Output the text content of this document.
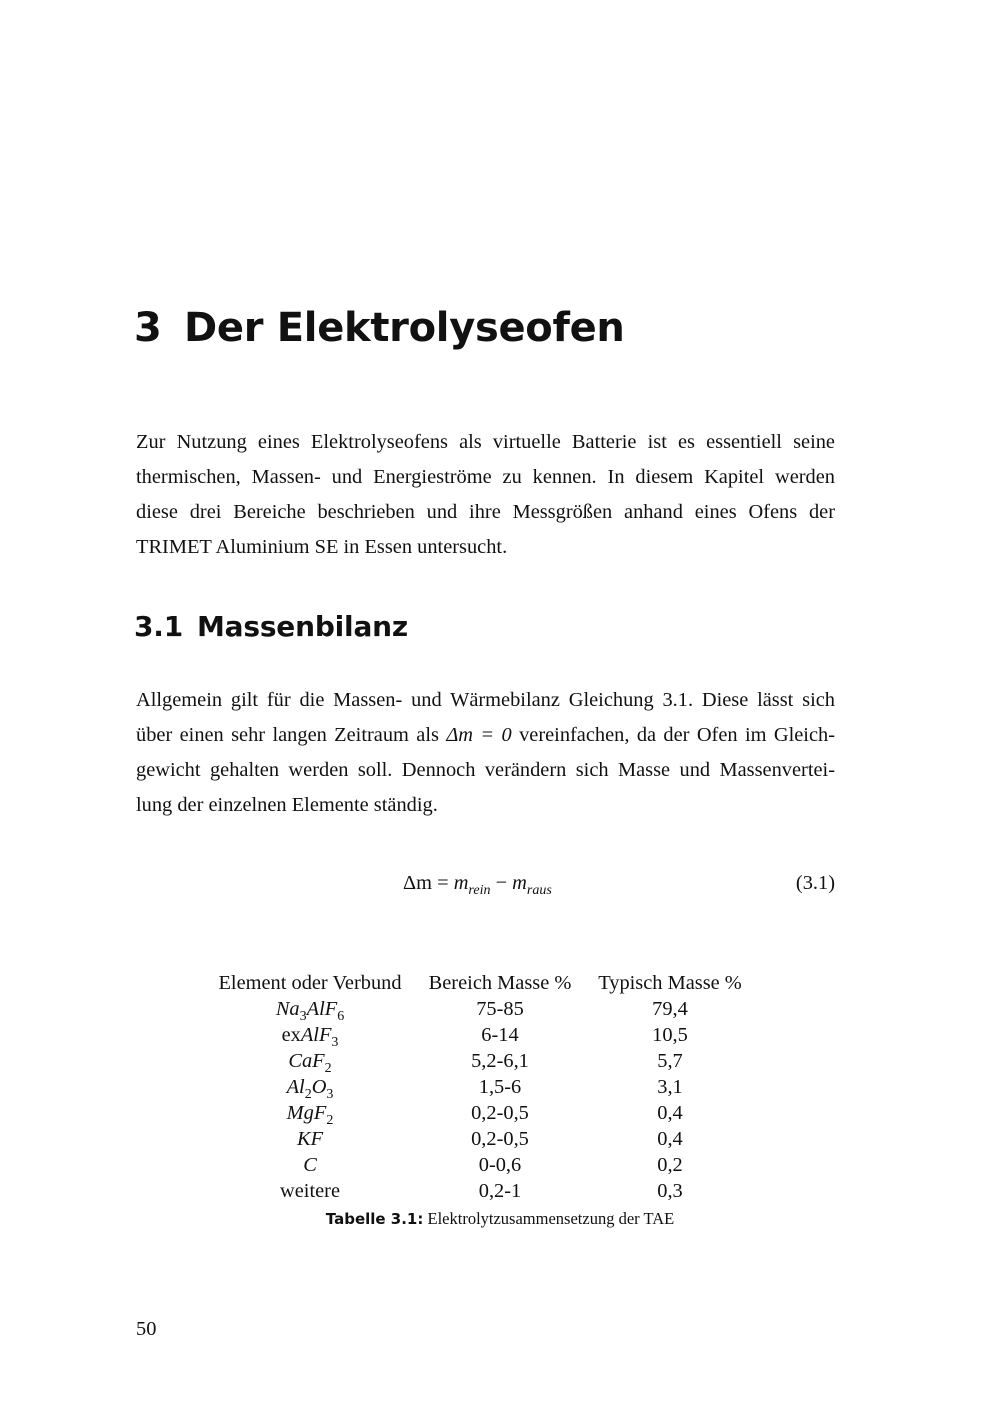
3 Der Elektrolyseofen
Zur Nutzung eines Elektrolyseofens als virtuelle Batterie ist es essentiell seine
thermischen, Massen- und Energieströme zu kennen. In diesem Kapitel werden
diese drei Bereiche beschrieben und ihre Messgrößen anhand eines Ofens der
TRIMET Aluminium SE in Essen untersucht.
3.1 Massenbilanz
Allgemein gilt für die Massen- und Wärmebilanz Gleichung 3.1. Diese lässt sich
über einen sehr langen Zeitraum als Δm = 0 vereinfachen, da der Ofen im Gleich-
gewicht gehalten werden soll. Dennoch verändern sich Masse und Massenvertei-
lung der einzelnen Elemente ständig.
$\Delta m = m_{rein} - m_{raus}$	(3.1)
Element oder Verbund	Bereich Masse %	Typisch Masse %
$Na_3AlF_6$	75-85	79,4
exAlF$_3$	6-14	10,5
CaF$_2$	5,2-6,1	5,7
$Al_2O_3$	1,5-6	3,1
MgF$_2$	0,2-0,5	0,4
KF	0,2-0,5	0,4
C	0-0,6	0,2
weitere	0,2-1	0,3
Tabelle 3.1: Elektrolytzusammensetzung der TAE
50
